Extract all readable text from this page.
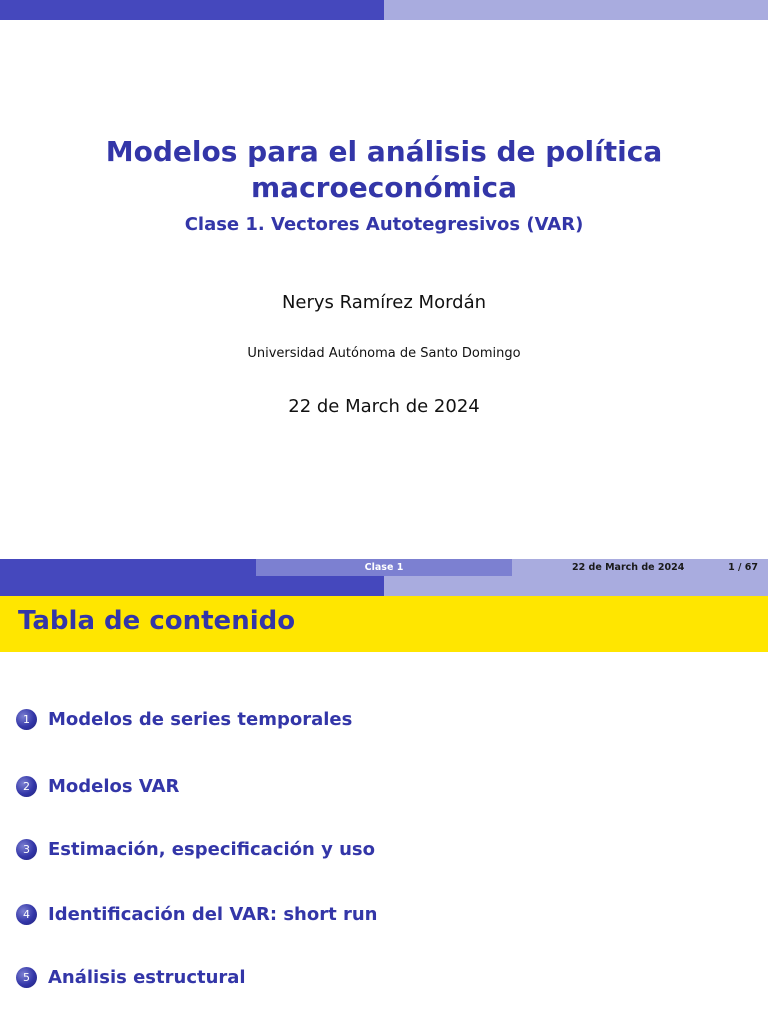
Modelos para el análisis de política
macroeconómica
Clase 1. Vectores Autotegresivos (VAR)
Nerys Ramírez Mordán
Universidad Autónoma de Santo Domingo
22 de March de 2024
Clase 1	22 de March de 2024	1 / 67
Tabla de contenido
1	Modelos de series temporales
2	Modelos VAR
3	Estimación, especificación y uso
4	Identificación del VAR: short run
5	Análisis estructural
